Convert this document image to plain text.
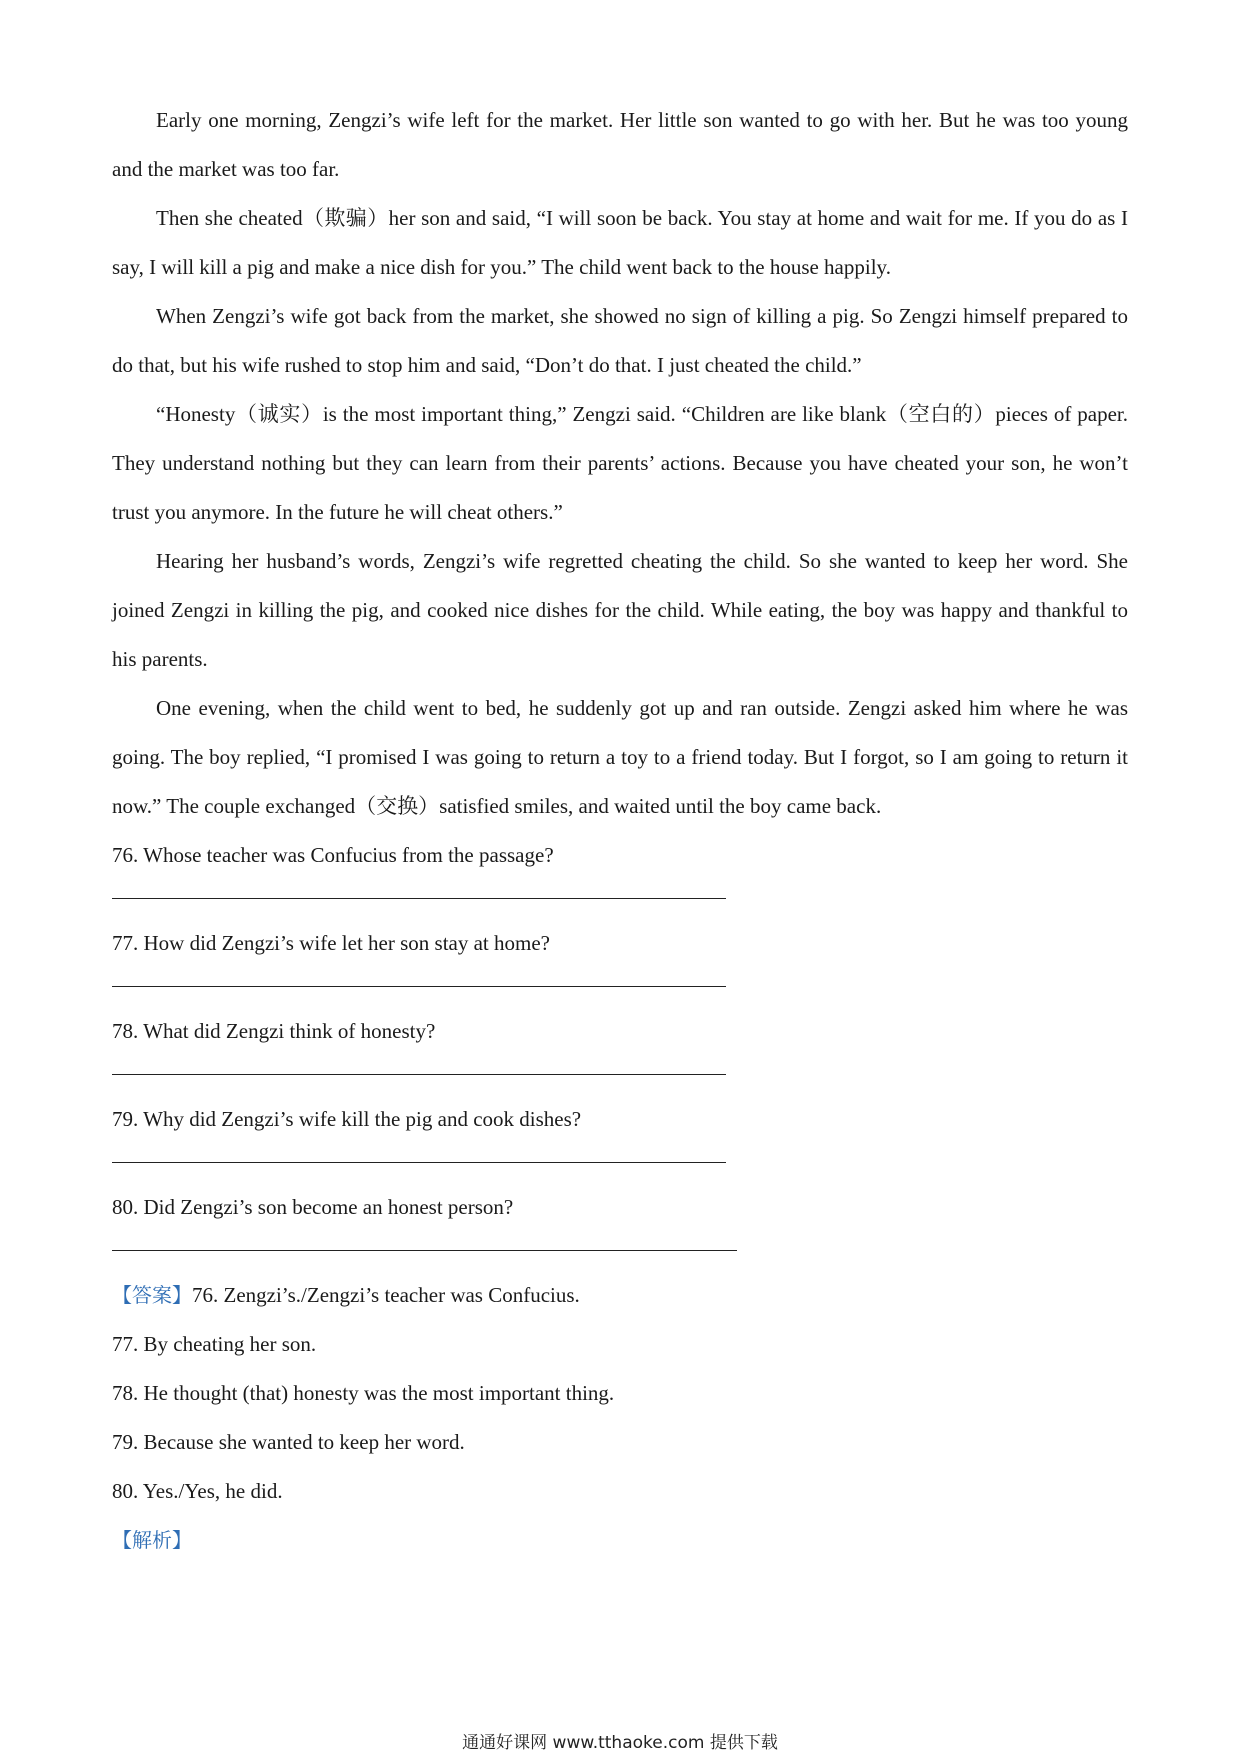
Early one morning, Zengzi’s wife left for the market. Her little son wanted to go with her. But he was too young and the market was too far.

Then she cheated（欺骗）her son and said, “I will soon be back. You stay at home and wait for me. If you do as I say, I will kill a pig and make a nice dish for you.” The child went back to the house happily.

When Zengzi’s wife got back from the market, she showed no sign of killing a pig. So Zengzi himself prepared to do that, but his wife rushed to stop him and said, “Don’t do that. I just cheated the child.”

“Honesty（诚实）is the most important thing,” Zengzi said. “Children are like blank（空白的）pieces of paper. They understand nothing but they can learn from their parents’ actions. Because you have cheated your son, he won’t trust you anymore. In the future he will cheat others.”

Hearing her husband’s words, Zengzi’s wife regretted cheating the child. So she wanted to keep her word. She joined Zengzi in killing the pig, and cooked nice dishes for the child. While eating, the boy was happy and thankful to his parents.

One evening, when the child went to bed, he suddenly got up and ran outside. Zengzi asked him where he was going. The boy replied, “I promised I was going to return a toy to a friend today. But I forgot, so I am going to return it now.” The couple exchanged（交换）satisfied smiles, and waited until the boy came back.

76. Whose teacher was Confucius from the passage?

77. How did Zengzi’s wife let her son stay at home?

78. What did Zengzi think of honesty?

79. Why did Zengzi’s wife kill the pig and cook dishes?

80. Did Zengzi’s son become an honest person?

【答案】76. Zengzi’s./Zengzi’s teacher was Confucius.

77. By cheating her son.

78. He thought (that) honesty was the most important thing.

79. Because she wanted to keep her word.

80. Yes./Yes, he did.

【解析】

通通好课网 www.tthaoke.com 提供下载
